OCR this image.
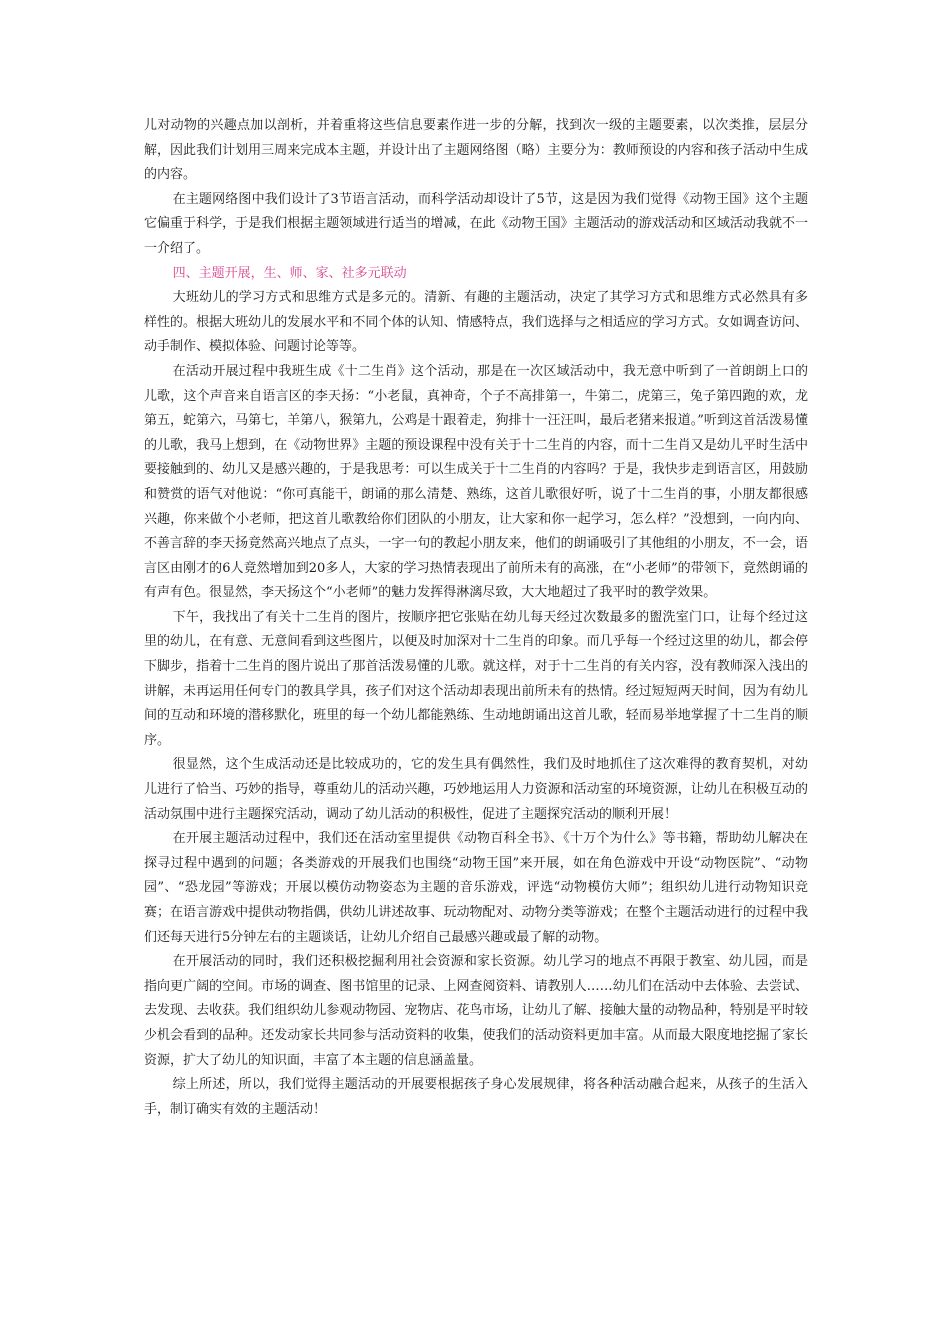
儿对动物的兴趣点加以剖析，并着重将这些信息要素作进一步的分解，找到次一级的主题要素，以次类推，层层分解，因此我们计划用三周来完成本主题，并设计出了主题网络图（略）主要分为：教师预设的内容和孩子活动中生成的内容。

在主题网络图中我们设计了3节语言活动，而科学活动却设计了5节，这是因为我们觉得《动物王国》这个主题它偏重于科学，于是我们根据主题领域进行适当的增减，在此《动物王国》主题活动的游戏活动和区域活动我就不一一介绍了。

四、主题开展，生、师、家、社多元联动

大班幼儿的学习方式和思维方式是多元的。清新、有趣的主题活动，决定了其学习方式和思维方式必然具有多样性的。根据大班幼儿的发展水平和不同个体的认知、情感特点，我们选择与之相适应的学习方式。女如调查访问、动手制作、模拟体验、问题讨论等等。

在活动开展过程中我班生成《十二生肖》这个活动，那是在一次区域活动中，我无意中听到了一首朗朗上口的儿歌，这个声音来自语言区的李天扬：“小老鼠，真神奇，个子不高排第一，牛第二，虎第三，兔子第四跑的欢，龙第五，蛇第六，马第七，羊第八，猴第九，公鸡是十跟着走，狗排十一汪汪叫，最后老猪来报道。”听到这首活泼易懂的儿歌，我马上想到，在《动物世界》主题的预设课程中没有关于十二生肖的内容，而十二生肖又是幼儿平时生活中要接触到的、幼儿又是感兴趣的，于是我思考：可以生成关于十二生肖的内容吗？于是，我快步走到语言区，用鼓励和赞赏的语气对他说：“你可真能干，朗诵的那么清楚、熟练，这首儿歌很好听，说了十二生肖的事，小朋友都很感兴趣，你来做个小老师，把这首儿歌教给你们团队的小朋友，让大家和你一起学习，怎么样？”没想到，一向内向、不善言辞的李天扬竟然高兴地点了点头，一字一句的教起小朋友来，他们的朗诵吸引了其他组的小朋友，不一会，语言区由刚才的6人竟然增加到20多人，大家的学习热情表现出了前所未有的高涨，在“小老师”的带领下，竟然朗诵的有声有色。很显然，李天扬这个“小老师”的魅力发挥得淋漓尽致，大大地超过了我平时的教学效果。

下午，我找出了有关十二生肖的图片，按顺序把它张贴在幼儿每天经过次数最多的盥洗室门口，让每个经过这里的幼儿，在有意、无意间看到这些图片，以便及时加深对十二生肖的印象。而几乎每一个经过这里的幼儿，都会停下脚步，指着十二生肖的图片说出了那首活泼易懂的儿歌。就这样，对于十二生肖的有关内容，没有教师深入浅出的讲解，未再运用任何专门的教具学具，孩子们对这个活动却表现出前所未有的热情。经过短短两天时间，因为有幼儿间的互动和环境的潜移默化，班里的每一个幼儿都能熟练、生动地朗诵出这首儿歌，轻而易举地掌握了十二生肖的顺序。

很显然，这个生成活动还是比较成功的，它的发生具有偶然性，我们及时地抓住了这次难得的教育契机，对幼儿进行了恰当、巧妙的指导，尊重幼儿的活动兴趣，巧妙地运用人力资源和活动室的环境资源，让幼儿在积极互动的活动氛围中进行主题探究活动，调动了幼儿活动的积极性，促进了主题探究活动的顺利开展！

在开展主题活动过程中，我们还在活动室里提供《动物百科全书》、《十万个为什么》等书籍，帮助幼儿解决在探寻过程中遇到的问题；各类游戏的开展我们也围绕“动物王国”来开展，如在角色游戏中开设“动物医院”、“动物园”、“恐龙园”等游戏；开展以模仿动物姿态为主题的音乐游戏，评选“动物模仿大师”；组织幼儿进行动物知识竞赛；在语言游戏中提供动物指偶，供幼儿讲述故事、玩动物配对、动物分类等游戏；在整个主题活动进行的过程中我们还每天进行5分钟左右的主题谈话，让幼儿介绍自己最感兴趣或最了解的动物。

在开展活动的同时，我们还积极挖掘利用社会资源和家长资源。幼儿学习的地点不再限于教室、幼儿园，而是指向更广阔的空间。市场的调查、图书馆里的记录、上网查阅资料、请教别人……幼儿们在活动中去体验、去尝试、去发现、去收获。我们组织幼儿参观动物园、宠物店、花鸟市场，让幼儿了解、接触大量的动物品种，特别是平时较少机会看到的品种。还发动家长共同参与活动资料的收集，使我们的活动资料更加丰富。从而最大限度地挖掘了家长资源，扩大了幼儿的知识面，丰富了本主题的信息涵盖量。

综上所述，所以，我们觉得主题活动的开展要根据孩子身心发展规律，将各种活动融合起来，从孩子的生活入手，制订确实有效的主题活动！
